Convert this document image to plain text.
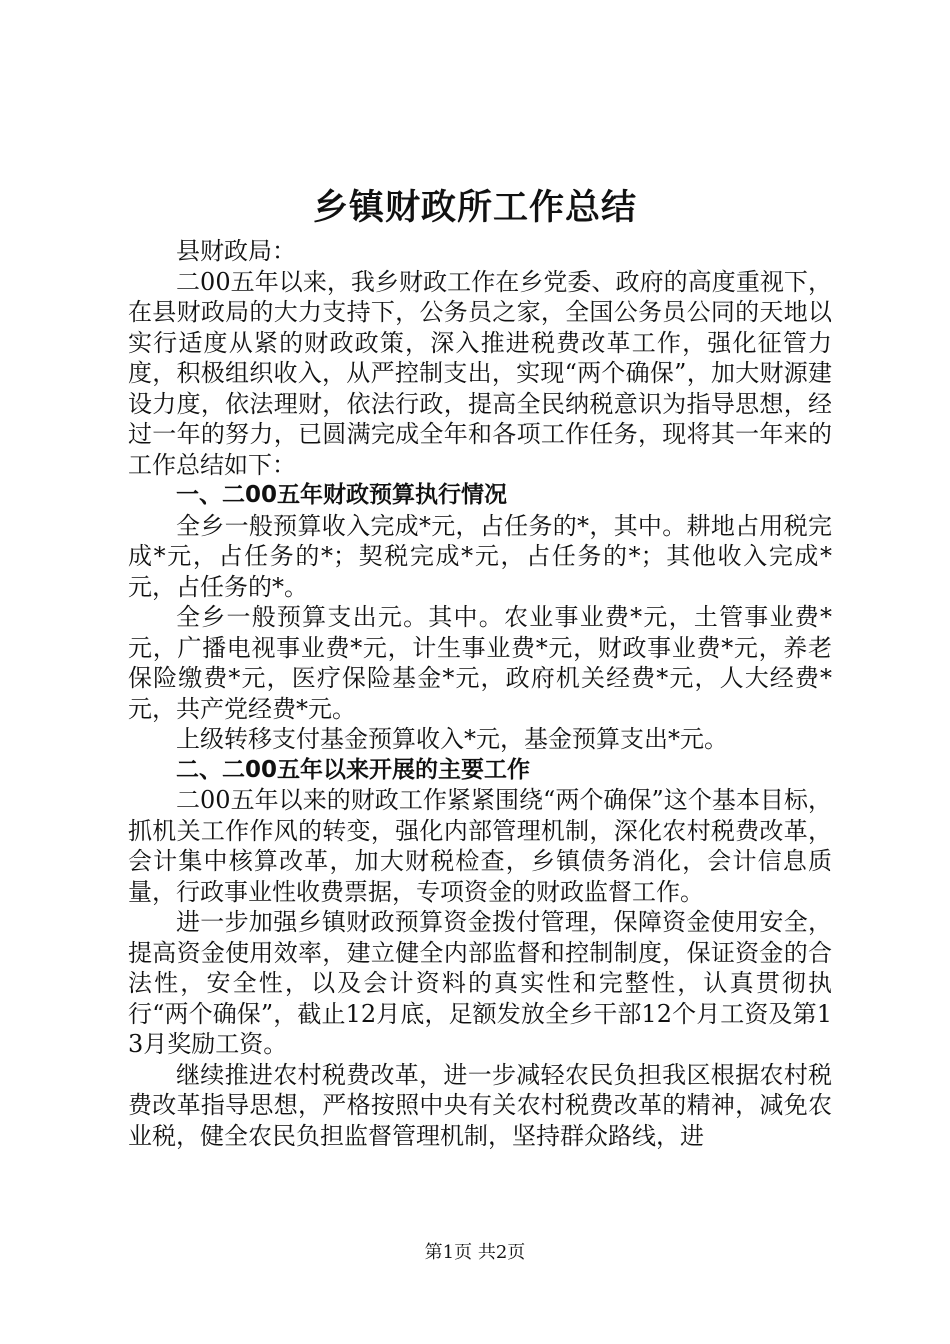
乡镇财政所工作总结

县财政局：

二00五年以来，我乡财政工作在乡党委、政府的高度重视下，在县财政局的大力支持下，公务员之家，全国公务员公同的天地以实行适度从紧的财政政策，深入推进税费改革工作，强化征管力度，积极组织收入，从严控制支出，实现“两个确保”，加大财源建设力度，依法理财，依法行政，提高全民纳税意识为指导思想，经过一年的努力，已圆满完成全年和各项工作任务，现将其一年来的工作总结如下：

一、二00五年财政预算执行情况

全乡一般预算收入完成*元，占任务的*，其中。耕地占用税完成*元，占任务的*；契税完成*元，占任务的*；其他收入完成*元，占任务的*。

全乡一般预算支出元。其中。农业事业费*元，土管事业费*元，广播电视事业费*元，计生事业费*元，财政事业费*元，养老保险缴费*元，医疗保险基金*元，政府机关经费*元，人大经费*元，共产党经费*元。

上级转移支付基金预算收入*元，基金预算支出*元。

二、二00五年以来开展的主要工作

二00五年以来的财政工作紧紧围绕“两个确保”这个基本目标，抓机关工作作风的转变，强化内部管理机制，深化农村税费改革，会计集中核算改革，加大财税检查，乡镇债务消化，会计信息质量，行政事业性收费票据，专项资金的财政监督工作。

进一步加强乡镇财政预算资金拨付管理，保障资金使用安全，提高资金使用效率，建立健全内部监督和控制制度，保证资金的合法性，安全性，以及会计资料的真实性和完整性，认真贯彻执行“两个确保”，截止12月底，足额发放全乡干部12个月工资及第13月奖励工资。

继续推进农村税费改革，进一步减轻农民负担我区根据农村税费改革指导思想，严格按照中央有关农村税费改革的精神，减免农业税，健全农民负担监督管理机制，坚持群众路线，进

第1页 共2页
